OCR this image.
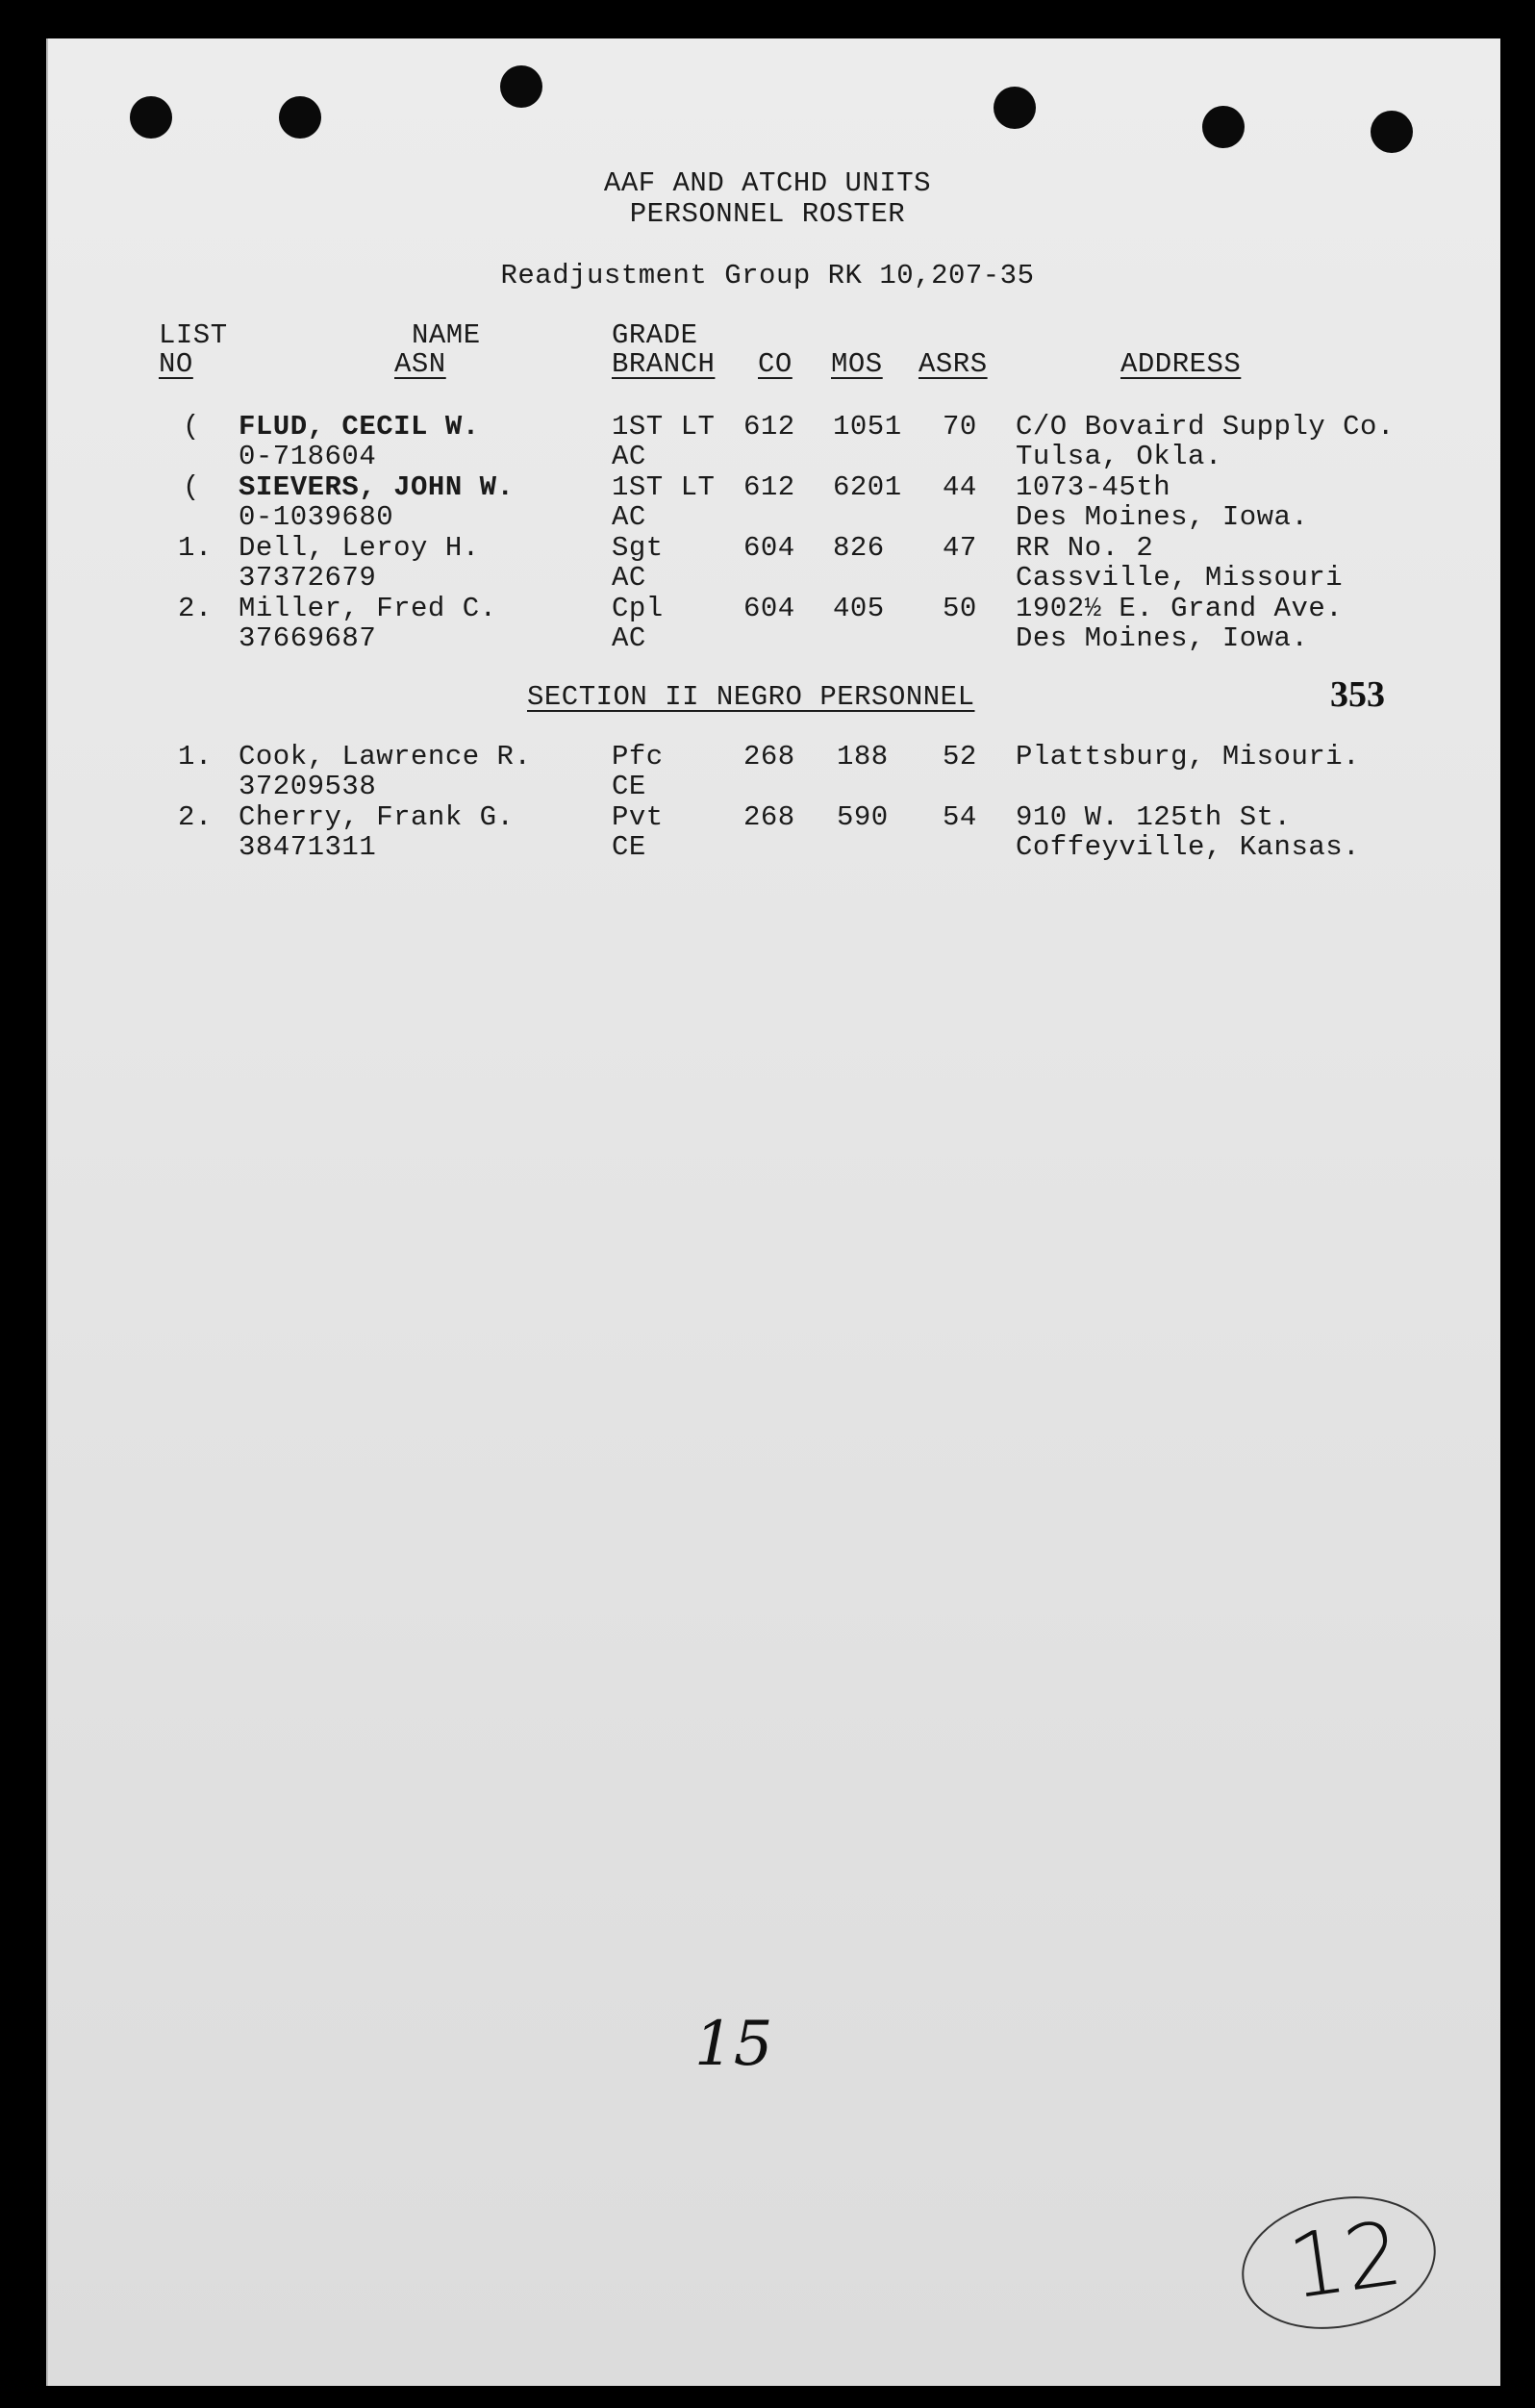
AAF AND ATCHD UNITS
PERSONNEL ROSTER
Readjustment Group RK 10,207-35
LIST
NO
NAME
ASN
GRADE
BRANCH CO MOS ASRS	ADDRESS
( FLUD, CECIL W.
0-718604
1ST LT
AC
612 1051 70 C/O Bovaird Supply Co.
Tulsa, Okla.
( SIEVERS, JOHN W.
0-1039680
1ST LT
AC
612 6201 44 1073-45th
Des Moines, Iowa.
1. Dell, Leroy H.
37372679
Sgt
AC
604 826 47 RR No. 2
Cassville, Missouri
2. Miller, Fred C.
37669687
Cpl
AC
604 405 50 1902½ E. Grand Ave.
Des Moines, Iowa.
SECTION II NEGRO PERSONNEL	353
1. Cook, Lawrence R.
37209538
Pfc
CE
268 188 52 Plattsburg, Misouri.
2. Cherry, Frank G.
38471311
Pvt
CE
268 590 54 910 W. 125th St.
Coffeyville, Kansas.
15
12
